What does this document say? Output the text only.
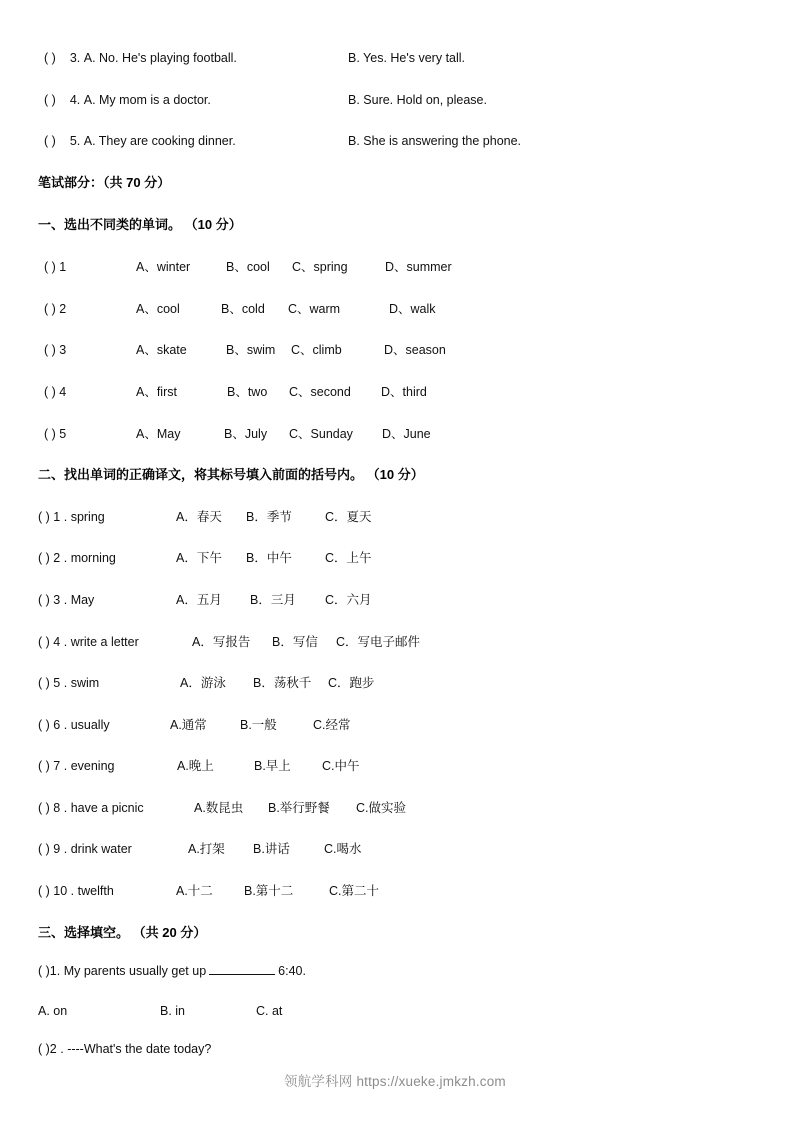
( ) 3. A. No. He's playing football.	B. Yes. He's very tall.
( ) 4. A. My mom is a doctor.	B. Sure. Hold on, please.
( ) 5. A. They are cooking dinner.	B. She is answering the phone.
笔试部分：（共 70 分）
一、选出不同类的单词。 （10 分）
( ) 1	A、winter	B、cool C、spring	D、summer
( ) 2	A、cool	B、cold C、warm	D、walk
( ) 3	A、skate	B、swim C、climb	D、season
( ) 4	A、first	B、two C、second D、third
( ) 5	A、May	B、July C、Sunday D、June
二、找出单词的正确译文，将其标号填入前面的括号内。 （10 分）
( ) 1 . spring	A．春天 B．季节	C．夏天
( ) 2 . morning	A．下午 B．中午	C．上午
( ) 3 . May	A．五月 B．三月 C．六月
( ) 4 . write a letter	A．写报告 B．写信 C．写电子邮件
( ) 5 . swim	A．游泳 B．荡秋千 C．跑步
( ) 6 . usually	A.通常	B.一般	C.经常
( ) 7 . evening	A.晚上	B.早上 C.中午
( ) 8 . have a picnic	A.数昆虫 B.举行野餐 C.做实验
( ) 9 . drink water	A.打架 B.讲话	C.喝水
( ) 10 . twelfth	A.十二 B.第十二	C.第二十
三、选择填空。 （共 20 分）
( )1. My parents usually get up	6:40.
A. on	B. in	C. at
( )2 . ----What's the date today?
领航学科网 https://xueke.jmkzh.com
